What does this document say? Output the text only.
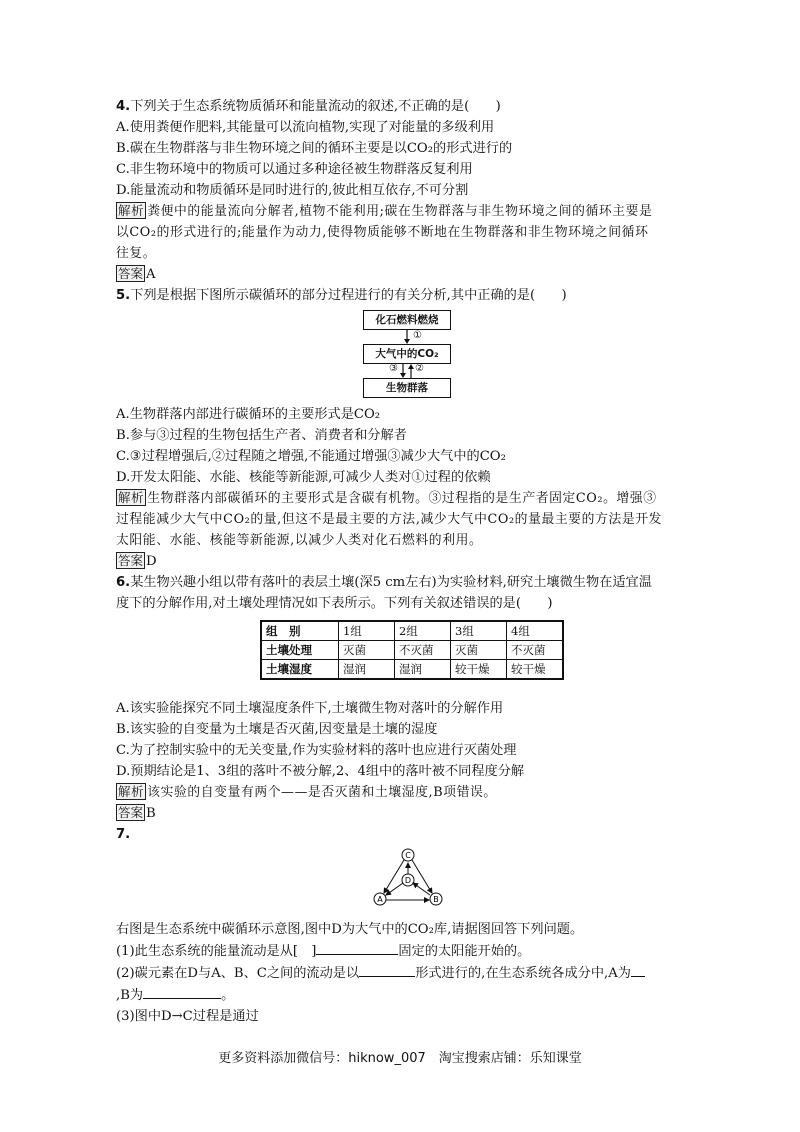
4.下列关于生态系统物质循环和能量流动的叙述,不正确的是(　　)
A.使用粪便作肥料,其能量可以流向植物,实现了对能量的多级利用
B.碳在生物群落与非生物环境之间的循环主要是以CO₂的形式进行的
C.非生物环境中的物质可以通过多种途径被生物群落反复利用
D.能量流动和物质循环是同时进行的,彼此相互依存,不可分割
解析 粪便中的能量流向分解者,植物不能利用;碳在生物群落与非生物环境之间的循环主要是
以CO₂的形式进行的;能量作为动力,使得物质能够不断地在生物群落和非生物环境之间循环
往复。
答案 A
5.下列是根据下图所示碳循环的部分过程进行的有关分析,其中正确的是(　　)
化石燃料燃烧
大气中的CO₂
生物群落
①
③ ②
A.生物群落内部进行碳循环的主要形式是CO₂
B.参与③过程的生物包括生产者、消费者和分解者
C.③过程增强后,②过程随之增强,不能通过增强③减少大气中的CO₂
D.开发太阳能、水能、核能等新能源,可减少人类对①过程的依赖
解析 生物群落内部碳循环的主要形式是含碳有机物。③过程指的是生产者固定CO₂。增强③
过程能减少大气中CO₂的量,但这不是最主要的方法,减少大气中CO₂的量最主要的方法是开发
太阳能、水能、核能等新能源,以减少人类对化石燃料的利用。
答案 D
6.某生物兴趣小组以带有落叶的表层土壤(深5 cm左右)为实验材料,研究土壤微生物在适宜温
度下的分解作用,对土壤处理情况如下表所示。下列有关叙述错误的是(　　)
组　别	1组	2组	3组	4组
土壤处理	灭菌	不灭菌	灭菌	不灭菌
土壤湿度	湿润	湿润	较干燥	较干燥
A.该实验能探究不同土壤湿度条件下,土壤微生物对落叶的分解作用
B.该实验的自变量为土壤是否灭菌,因变量是土壤的湿度
C.为了控制实验中的无关变量,作为实验材料的落叶也应进行灭菌处理
D.预期结论是1、3组的落叶不被分解,2、4组中的落叶被不同程度分解
解析 该实验的自变量有两个——是否灭菌和土壤湿度,B项错误。
答案 B
7.
C
A	B
D
右图是生态系统中碳循环示意图,图中D为大气中的CO₂库,请据图回答下列问题。
(1)此生态系统的能量流动是从[　]	固定的太阳能开始的。
(2)碳元素在D与A、B、C之间的流动是以	形式进行的,在生态系统各成分中,A为
,B为	。
(3)图中D→C过程是通过
更多资料添加微信号：hiknow_007　淘宝搜索店铺：乐知课堂
